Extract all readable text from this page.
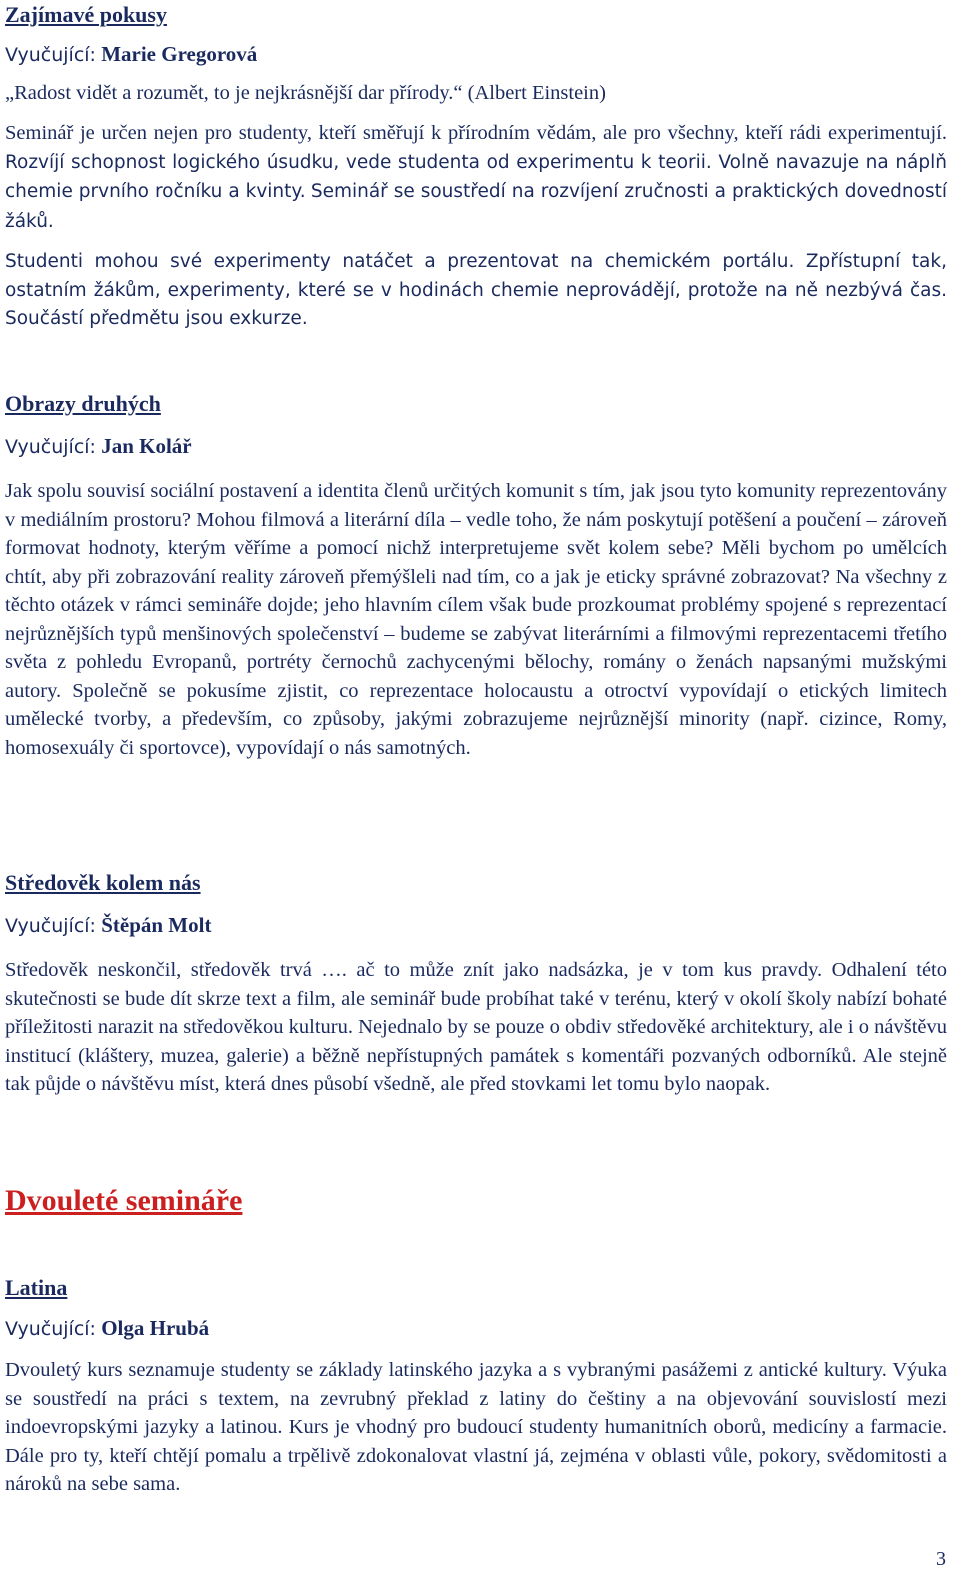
Zajímavé pokusy

Vyučující: Marie Gregorová

„Radost vidět a rozumět, to je nejkrásnější dar přírody.“ (Albert Einstein)

Seminář je určen nejen pro studenty, kteří směřují k přírodním vědám, ale pro všechny, kteří rádi experimentují. Rozvíjí schopnost logického úsudku, vede studenta od experimentu k teorii. Volně navazuje na náplň chemie prvního ročníku a kvinty. Seminář se soustředí na rozvíjení zručnosti a praktických dovedností žáků.

Studenti mohou své experimenty natáčet a prezentovat na chemickém portálu. Zpřístupní tak, ostatním žákům, experimenty, které se v hodinách chemie neprovádějí, protože na ně nezbývá čas. Součástí předmětu jsou exkurze.

Obrazy druhých

Vyučující: Jan Kolář

Jak spolu souvisí sociální postavení a identita členů určitých komunit s tím, jak jsou tyto komunity reprezentovány v mediálním prostoru? Mohou filmová a literární díla – vedle toho, že nám poskytují potěšení a poučení – zároveň formovat hodnoty, kterým věříme a pomocí nichž interpretujeme svět kolem sebe? Měli bychom po umělcích chtít, aby při zobrazování reality zároveň přemýšleli nad tím, co a jak je eticky správné zobrazovat? Na všechny z těchto otázek v rámci semináře dojde; jeho hlavním cílem však bude prozkoumat problémy spojené s reprezentací nejrůznějších typů menšinových společenství – budeme se zabývat literárními a filmovými reprezentacemi třetího světa z pohledu Evropanů, portréty černochů zachycenými bělochy, romány o ženách napsanými mužskými autory. Společně se pokusíme zjistit, co reprezentace holocaustu a otroctví vypovídají o etických limitech umělecké tvorby, a především, co způsoby, jakými zobrazujeme nejrůznější minority (např. cizince, Romy, homosexuály či sportovce), vypovídají o nás samotných.

Středověk kolem nás

Vyučující: Štěpán Molt

Středověk neskončil, středověk trvá …. ač to může znít jako nadsázka, je v tom kus pravdy. Odhalení této skutečnosti se bude dít skrze text a film, ale seminář bude probíhat také v terénu, který v okolí školy nabízí bohaté příležitosti narazit na středověkou kulturu. Nejednalo by se pouze o obdiv středověké architektury, ale i o návštěvu institucí (kláštery, muzea, galerie) a běžně nepřístupných památek s komentáři pozvaných odborníků. Ale stejně tak půjde o návštěvu míst, která dnes působí všedně, ale před stovkami let tomu bylo naopak.

Dvouleté semináře

Latina

Vyučující: Olga Hrubá

Dvouletý kurs seznamuje studenty se základy latinského jazyka a s vybranými pasážemi z antické kultury. Výuka se soustředí na práci s textem, na zevrubný překlad z latiny do češtiny a na objevování souvislostí mezi indoevropskými jazyky a latinou. Kurs je vhodný pro budoucí studenty humanitních oborů, medicíny a farmacie. Dále pro ty, kteří chtějí pomalu a trpělivě zdokonalovat vlastní já, zejména v oblasti vůle, pokory, svědomitosti a nároků na sebe sama.

3
